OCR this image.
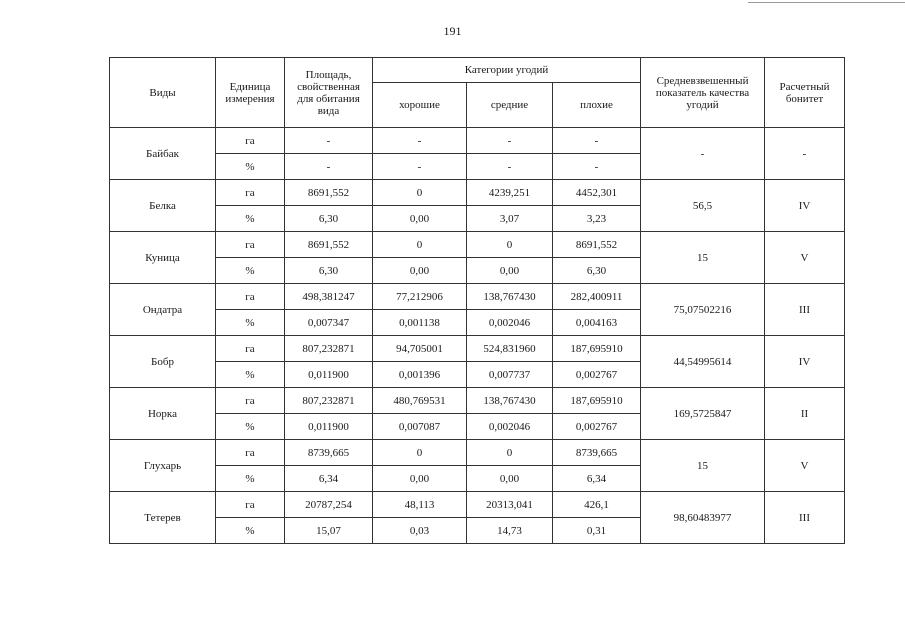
191
Виды	Единица измерения	Площадь, свойственная для обитания вида	Категории угодий			Средневзвешенный показатель качества угодий	Расчетный бонитет
			хорошие	средние	плохие		
Байбак	га	-	-	-	-	-	-
	%	-	-	-	-		
Белка	га	8691,552	0	4239,251	4452,301	56,5	IV
	%	6,30	0,00	3,07	3,23		
Куница	га	8691,552	0	0	8691,552	15	V
	%	6,30	0,00	0,00	6,30		
Ондатра	га	498,381247	77,212906	138,767430	282,400911	75,07502216	III
	%	0,007347	0,001138	0,002046	0,004163		
Бобр	га	807,232871	94,705001	524,831960	187,695910	44,54995614	IV
	%	0,011900	0,001396	0,007737	0,002767		
Норка	га	807,232871	480,769531	138,767430	187,695910	169,5725847	II
	%	0,011900	0,007087	0,002046	0,002767		
Глухарь	га	8739,665	0	0	8739,665	15	V
	%	6,34	0,00	0,00	6,34		
Тетерев	га	20787,254	48,113	20313,041	426,1	98,60483977	III
	%	15,07	0,03	14,73	0,31		
